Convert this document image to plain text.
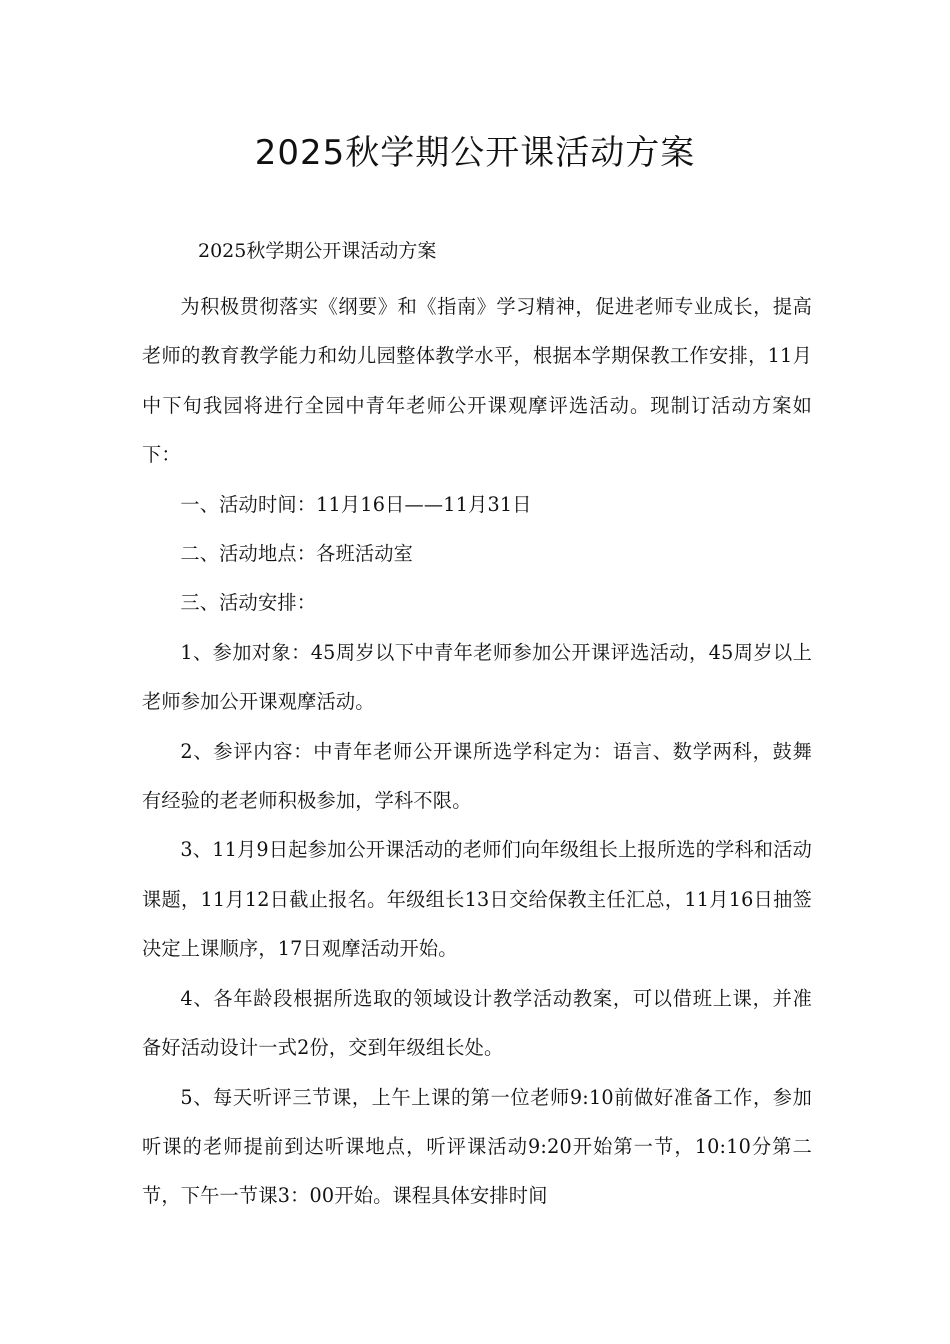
2025秋学期公开课活动方案

2025秋学期公开课活动方案

为积极贯彻落实《纲要》和《指南》学习精神，促进老师专业成长，提高老师的教育教学能力和幼儿园整体教学水平，根据本学期保教工作安排，11月中下旬我园将进行全园中青年老师公开课观摩评选活动。现制订活动方案如下：

一、活动时间：11月16日——11月31日

二、活动地点：各班活动室

三、活动安排：

1、参加对象：45周岁以下中青年老师参加公开课评选活动，45周岁以上老师参加公开课观摩活动。

2、参评内容：中青年老师公开课所选学科定为：语言、数学两科，鼓舞有经验的老老师积极参加，学科不限。

3、11月9日起参加公开课活动的老师们向年级组长上报所选的学科和活动课题，11月12日截止报名。年级组长13日交给保教主任汇总，11月16日抽签决定上课顺序，17日观摩活动开始。

4、各年龄段根据所选取的领域设计教学活动教案，可以借班上课，并准备好活动设计一式2份，交到年级组长处。

5、每天听评三节课，上午上课的第一位老师9:10前做好准备工作，参加听课的老师提前到达听课地点，听评课活动9:20开始第一节，10:10分第二节，下午一节课3：00开始。课程具体安排时间
